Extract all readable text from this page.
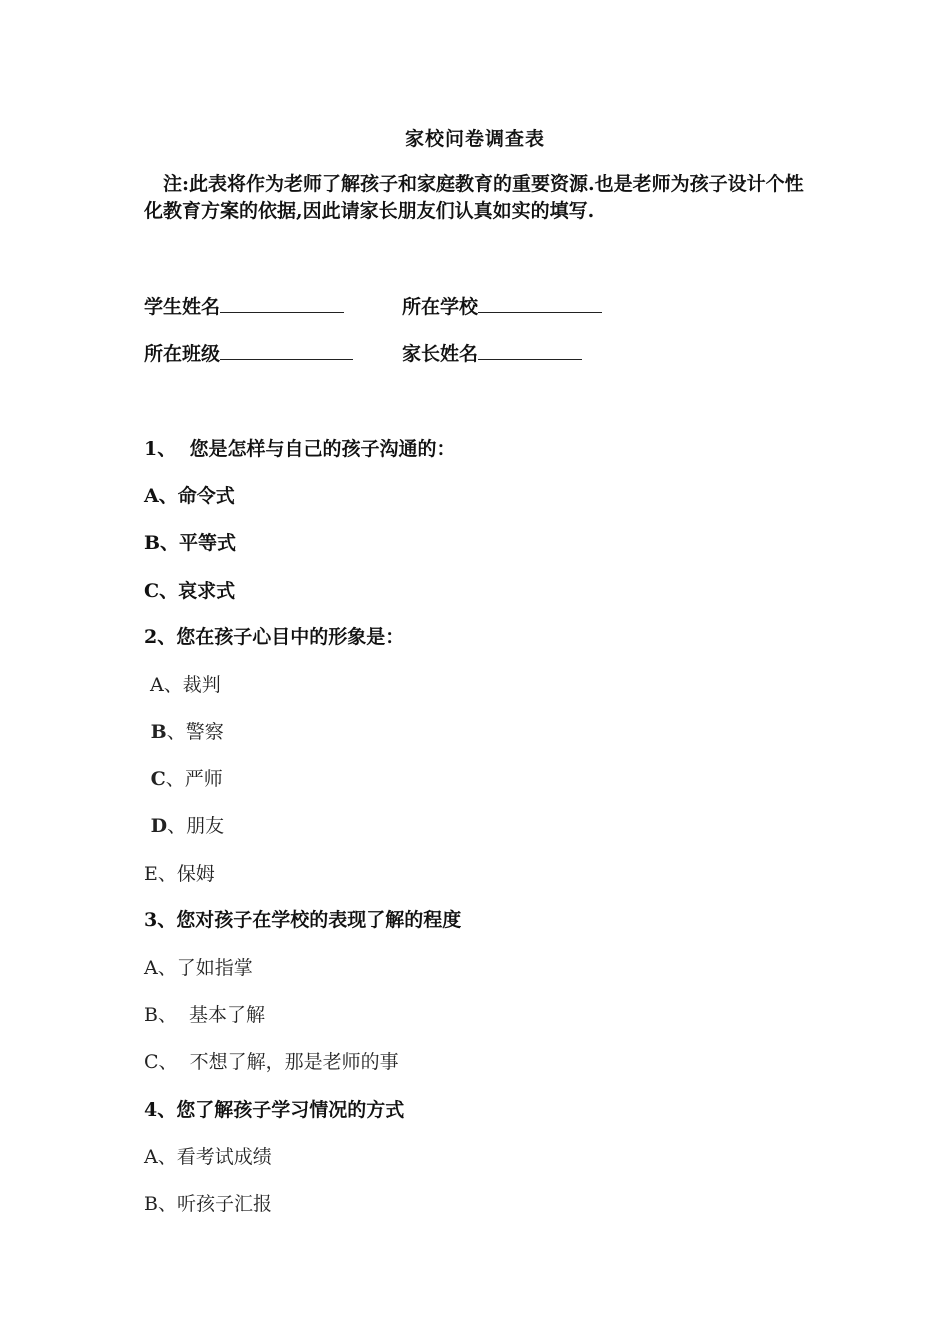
家校问卷调查表
注:此表将作为老师了解孩子和家庭教育的重要资源.也是老师为孩子设计个性化教育方案的依据,因此请家长朋友们认真如实的填写.
学生姓名	所在学校
所在班级	家长姓名
1、  您是怎样与自己的孩子沟通的：
A、命令式
B、平等式
C、哀求式
2、您在孩子心目中的形象是：
A、裁判
B、警察
C、严师
D、朋友
E、保姆
3、您对孩子在学校的表现了解的程度
A、了如指掌
B、  基本了解
C、  不想了解，那是老师的事
4、您了解孩子学习情况的方式
A、看考试成绩
B、听孩子汇报
